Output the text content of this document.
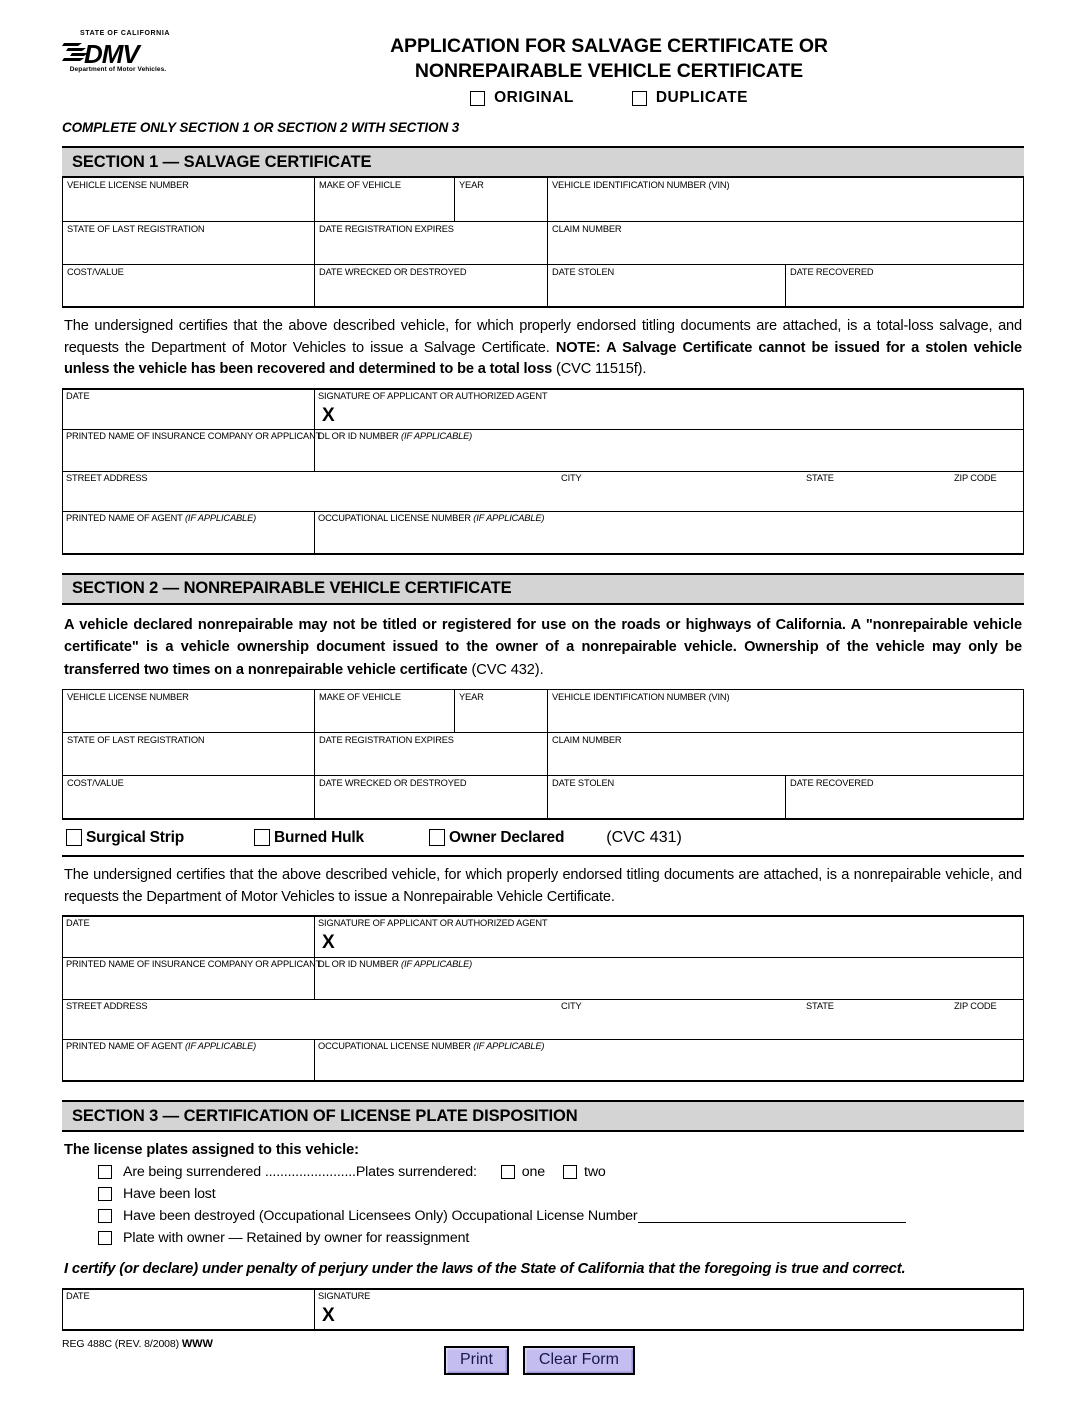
STATE OF CALIFORNIA
DMV
Department of Motor Vehicles.
APPLICATION FOR SALVAGE CERTIFICATE OR
NONREPAIRABLE VEHICLE CERTIFICATE
ORIGINAL	DUPLICATE
COMPLETE ONLY SECTION 1 OR SECTION 2 WITH SECTION 3
SECTION 1 — SALVAGE CERTIFICATE
VEHICLE LICENSE NUMBER	MAKE OF VEHICLE	YEAR	VEHICLE IDENTIFICATION NUMBER (VIN)	

STATE OF LAST REGISTRATION	DATE REGISTRATION EXPIRES		CLAIM NUMBER	

COST/VALUE	DATE WRECKED OR DESTROYED		DATE STOLEN	DATE RECOVERED
The undersigned certifies that the above described vehicle, for which properly endorsed titling documents are attached, is a total-loss salvage, and requests the Department of Motor Vehicles to issue a Salvage Certificate. NOTE: A Salvage Certificate cannot be issued for a stolen vehicle unless the vehicle has been recovered and determined to be a total loss (CVC 11515f).
DATE	SIGNATURE OF APPLICANT OR AUTHORIZED AGENT
X

PRINTED NAME OF INSURANCE COMPANY OR APPLICANT	DL OR ID NUMBER (IF APPLICABLE)

STREET ADDRESS CITY STATE ZIP CODE	

PRINTED NAME OF AGENT (IF APPLICABLE)	OCCUPATIONAL LICENSE NUMBER (IF APPLICABLE)
SECTION 2 — NONREPAIRABLE VEHICLE CERTIFICATE
A vehicle declared nonrepairable may not be titled or registered for use on the roads or highways of California. A "nonrepairable vehicle certificate" is a vehicle ownership document issued to the owner of a nonrepairable vehicle. Ownership of the vehicle may only be transferred two times on a nonrepairable vehicle certificate (CVC 432).
VEHICLE LICENSE NUMBER	MAKE OF VEHICLE	YEAR	VEHICLE IDENTIFICATION NUMBER (VIN)	

STATE OF LAST REGISTRATION	DATE REGISTRATION EXPIRES		CLAIM NUMBER	

COST/VALUE	DATE WRECKED OR DESTROYED		DATE STOLEN	DATE RECOVERED
Surgical Strip	Burned Hulk	Owner Declared	(CVC 431)
The undersigned certifies that the above described vehicle, for which properly endorsed titling documents are attached, is a nonrepairable vehicle, and requests the Department of Motor Vehicles to issue a Nonrepairable Vehicle Certificate.
DATE	SIGNATURE OF APPLICANT OR AUTHORIZED AGENT
X

PRINTED NAME OF INSURANCE COMPANY OR APPLICANT	DL OR ID NUMBER (IF APPLICABLE)

STREET ADDRESS CITY STATE ZIP CODE	

PRINTED NAME OF AGENT (IF APPLICABLE)	OCCUPATIONAL LICENSE NUMBER (IF APPLICABLE)
SECTION 3 — CERTIFICATION OF LICENSE PLATE DISPOSITION
The license plates assigned to this vehicle:
Are being surrendered ........................Plates surrendered:	one	two
Have been lost
Have been destroyed (Occupational Licensees Only) Occupational License Number
Plate with owner — Retained by owner for reassignment
I certify (or declare) under penalty of perjury under the laws of the State of California that the foregoing is true and correct.
DATE	SIGNATURE
X
REG 488C (REV. 8/2008) WWW
Print	Clear Form
